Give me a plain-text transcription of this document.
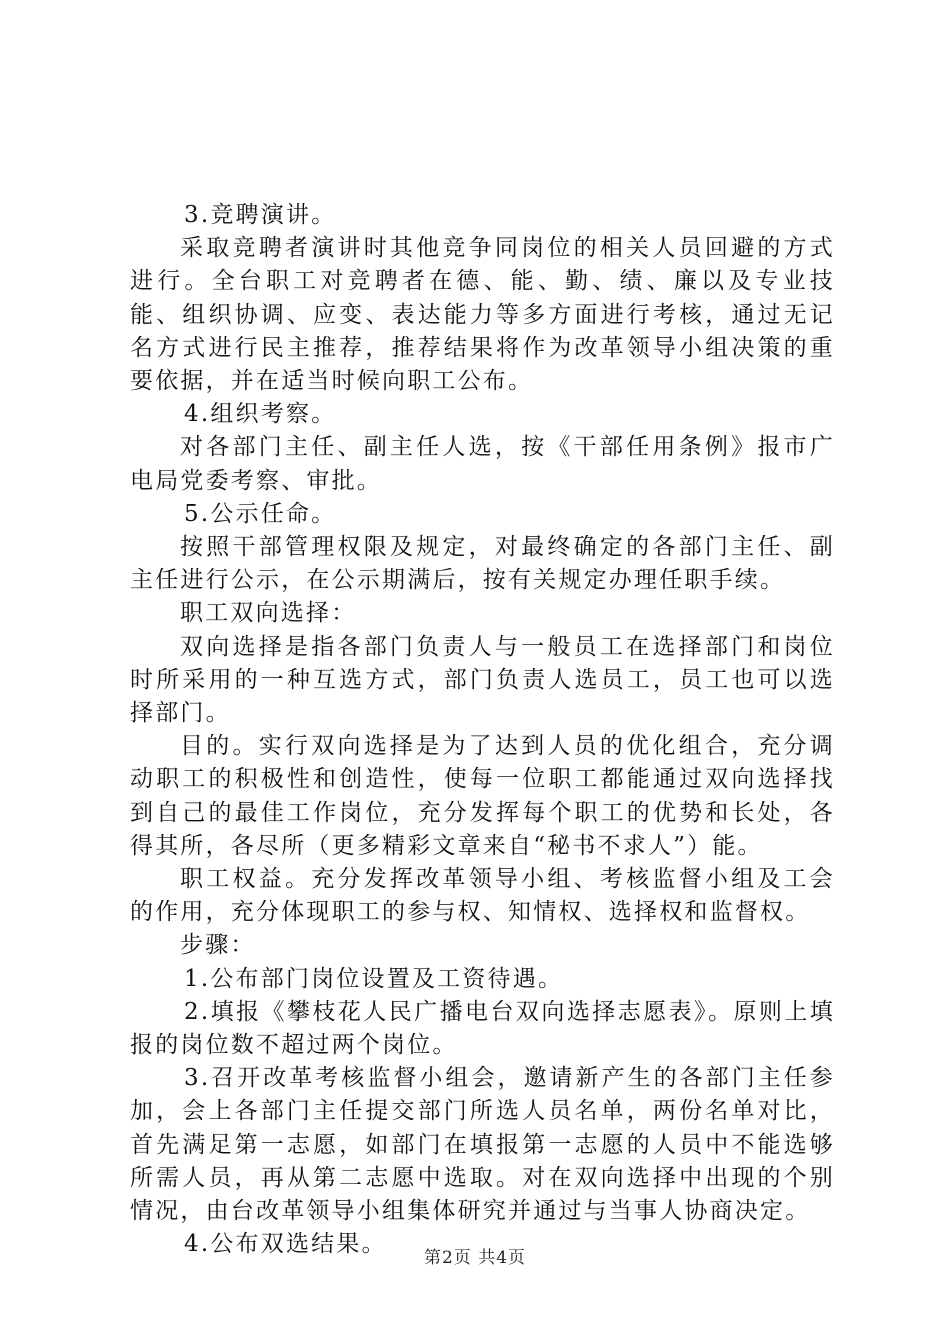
3.竞聘演讲。

采取竞聘者演讲时其他竞争同岗位的相关人员回避的方式进行。全台职工对竞聘者在德、能、勤、绩、廉以及专业技能、组织协调、应变、表达能力等多方面进行考核，通过无记名方式进行民主推荐，推荐结果将作为改革领导小组决策的重要依据，并在适当时候向职工公布。

4.组织考察。

对各部门主任、副主任人选，按《干部任用条例》报市广电局党委考察、审批。

5.公示任命。

按照干部管理权限及规定，对最终确定的各部门主任、副主任进行公示，在公示期满后，按有关规定办理任职手续。

职工双向选择：

双向选择是指各部门负责人与一般员工在选择部门和岗位时所采用的一种互选方式，部门负责人选员工，员工也可以选择部门。

目的。实行双向选择是为了达到人员的优化组合，充分调动职工的积极性和创造性，使每一位职工都能通过双向选择找到自己的最佳工作岗位，充分发挥每个职工的优势和长处，各得其所，各尽所（更多精彩文章来自“秘书不求人”）能。

职工权益。充分发挥改革领导小组、考核监督小组及工会的作用，充分体现职工的参与权、知情权、选择权和监督权。

步骤：

1.公布部门岗位设置及工资待遇。

2.填报《攀枝花人民广播电台双向选择志愿表》。原则上填报的岗位数不超过两个岗位。

3.召开改革考核监督小组会，邀请新产生的各部门主任参加，会上各部门主任提交部门所选人员名单，两份名单对比，首先满足第一志愿，如部门在填报第一志愿的人员中不能选够所需人员，再从第二志愿中选取。对在双向选择中出现的个别情况，由台改革领导小组集体研究并通过与当事人协商决定。

4.公布双选结果。

第2页 共4页
